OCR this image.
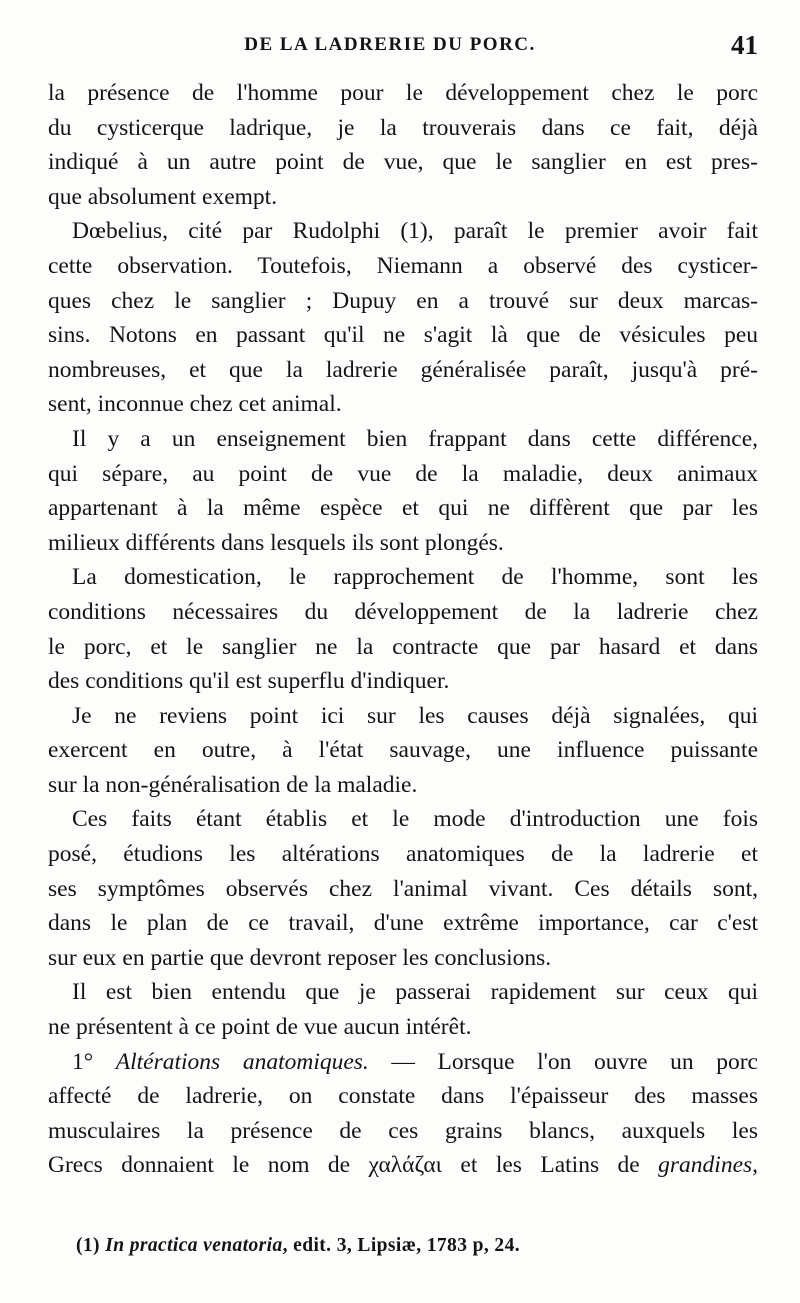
DE LA LADRERIE DU PORC.	41
la présence de l'homme pour le développement chez le porc
du cysticerque ladrique, je la trouverais dans ce fait, déjà
indiqué à un autre point de vue, que le sanglier en est pres-
que absolument exempt.
Dœbelius, cité par Rudolphi (1), paraît le premier avoir fait
cette observation. Toutefois, Niemann a observé des cysticer-
ques chez le sanglier ; Dupuy en a trouvé sur deux marcas-
sins. Notons en passant qu'il ne s'agit là que de vésicules peu
nombreuses, et que la ladrerie généralisée paraît, jusqu'à pré-
sent, inconnue chez cet animal.
Il y a un enseignement bien frappant dans cette différence,
qui sépare, au point de vue de la maladie, deux animaux
appartenant à la même espèce et qui ne diffèrent que par les
milieux différents dans lesquels ils sont plongés.
La domestication, le rapprochement de l'homme, sont les
conditions nécessaires du développement de la ladrerie chez
le porc, et le sanglier ne la contracte que par hasard et dans
des conditions qu'il est superflu d'indiquer.
Je ne reviens point ici sur les causes déjà signalées, qui
exercent en outre, à l'état sauvage, une influence puissante
sur la non-généralisation de la maladie.
Ces faits étant établis et le mode d'introduction une fois
posé, étudions les altérations anatomiques de la ladrerie et
ses symptômes observés chez l'animal vivant. Ces détails sont,
dans le plan de ce travail, d'une extrême importance, car c'est
sur eux en partie que devront reposer les conclusions.
Il est bien entendu que je passerai rapidement sur ceux qui
ne présentent à ce point de vue aucun intérêt.
1° Altérations anatomiques. — Lorsque l'on ouvre un porc
affecté de ladrerie, on constate dans l'épaisseur des masses
musculaires la présence de ces grains blancs, auxquels les
Grecs donnaient le nom de χαλάζαι et les Latins de grandines,
(1) In practica venatoria, edit. 3, Lipsiæ, 1783 p, 24.
